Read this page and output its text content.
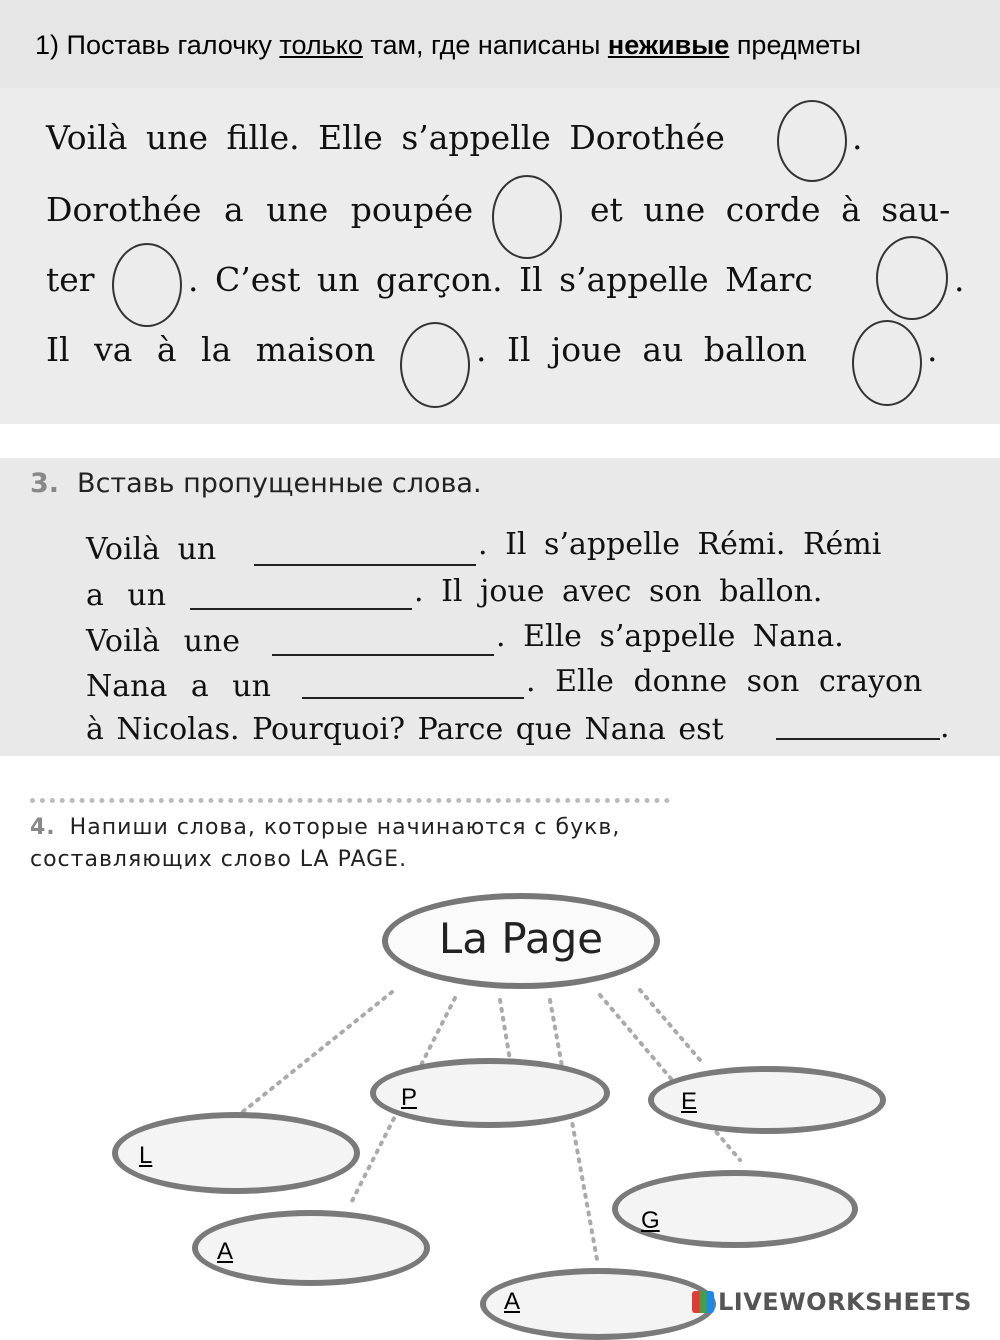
1) Поставь галочку только там, где написаны неживые предметы
Voilà une fille. Elle s’appelle Dorothée	.
Dorothée a une poupée	et une corde à sau-
ter	. C’est un garçon. Il s’appelle Marc	.
Il va à la maison	. Il joue au ballon	.
3. Вставь пропущенные слова.
Voilà un	. Il s’appelle Rémi. Rémi
a un	. Il joue avec son ballon.
Voilà une	. Elle s’appelle Nana.
Nana a un	. Elle donne son crayon
à Nicolas. Pourquoi? Parce que Nana est	.
4. Напиши слова, которые начинаются с букв,
составляющих слово LA PAGE.
La Page
L
A
P
A
G
E
LIVEWORKSHEETS
